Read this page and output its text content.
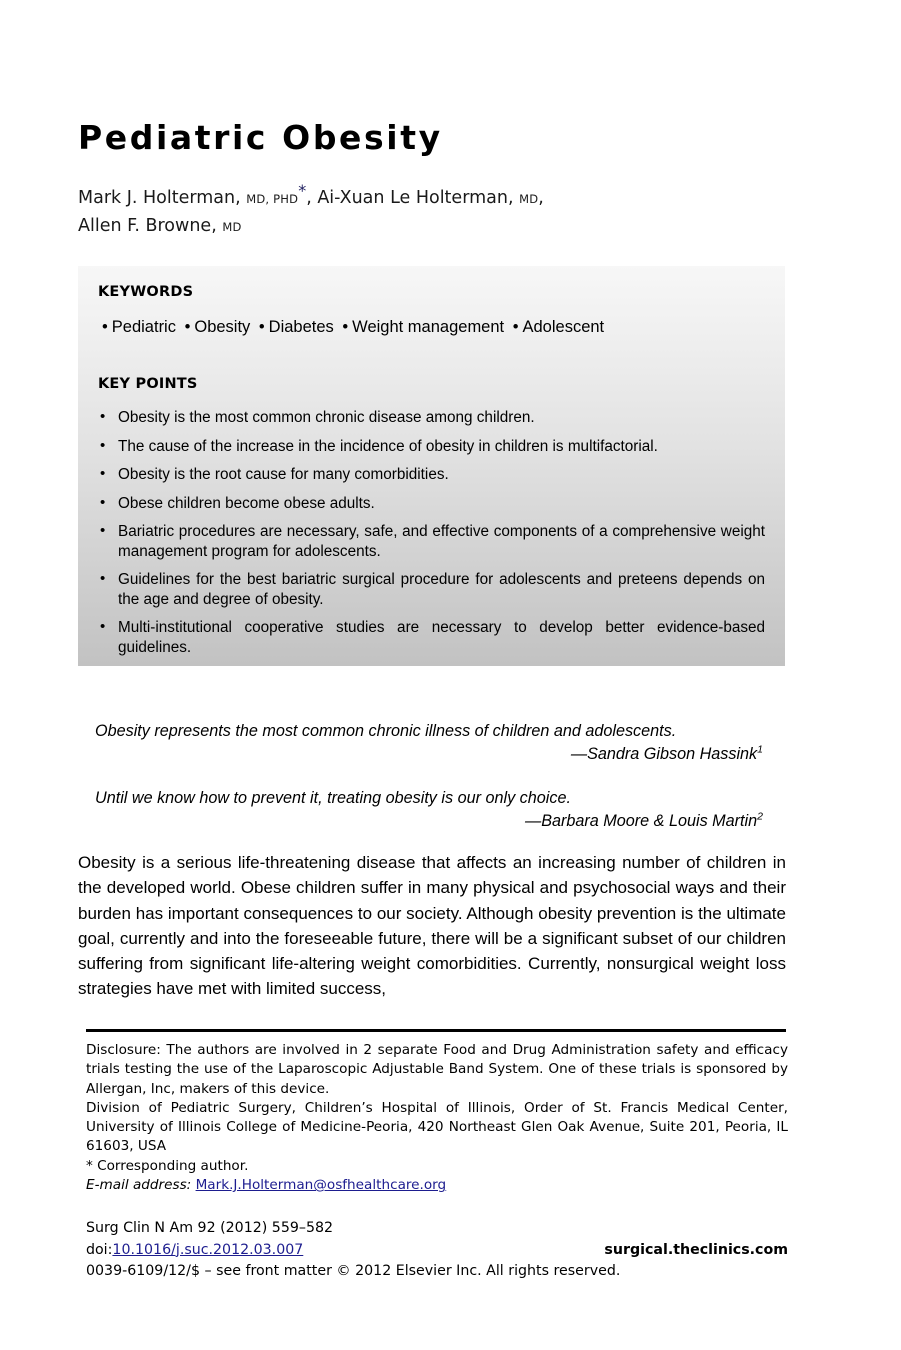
Pediatric Obesity
Mark J. Holterman, MD, PHD*, Ai-Xuan Le Holterman, MD,
Allen F. Browne, MD
KEYWORDS

• Pediatric • Obesity • Diabetes • Weight management • Adolescent

KEY POINTS
• Obesity is the most common chronic disease among children.
• The cause of the increase in the incidence of obesity in children is multifactorial.
• Obesity is the root cause for many comorbidities.
• Obese children become obese adults.
• Bariatric procedures are necessary, safe, and effective components of a comprehensive weight management program for adolescents.
• Guidelines for the best bariatric surgical procedure for adolescents and preteens depends on the age and degree of obesity.
• Multi-institutional cooperative studies are necessary to develop better evidence-based guidelines.
Obesity represents the most common chronic illness of children and adolescents.
—Sandra Gibson Hassink$^1$
Until we know how to prevent it, treating obesity is our only choice.
—Barbara Moore & Louis Martin$^2$

Obesity is a serious life-threatening disease that affects an increasing number of children in the developed world. Obese children suffer in many physical and psychosocial ways and their burden has important consequences to our society. Although obesity prevention is the ultimate goal, currently and into the foreseeable future, there will be a significant subset of our children suffering from significant life-altering weight comorbidities. Currently, nonsurgical weight loss strategies have met with limited success,

Disclosure: The authors are involved in 2 separate Food and Drug Administration safety and efficacy trials testing the use of the Laparoscopic Adjustable Band System. One of these trials is sponsored by Allergan, Inc, makers of this device.

Division of Pediatric Surgery, Children’s Hospital of Illinois, Order of St. Francis Medical Center, University of Illinois College of Medicine-Peoria, 420 Northeast Glen Oak Avenue, Suite 201, Peoria, IL 61603, USA

* Corresponding author.

E-mail address: Mark.J.Holterman@osfhealthcare.org

Surg Clin N Am 92 (2012) 559–582
doi:10.1016/j.suc.2012.03.007	surgical.theclinics.com
0039-6109/12/$ – see front matter © 2012 Elsevier Inc. All rights reserved.
